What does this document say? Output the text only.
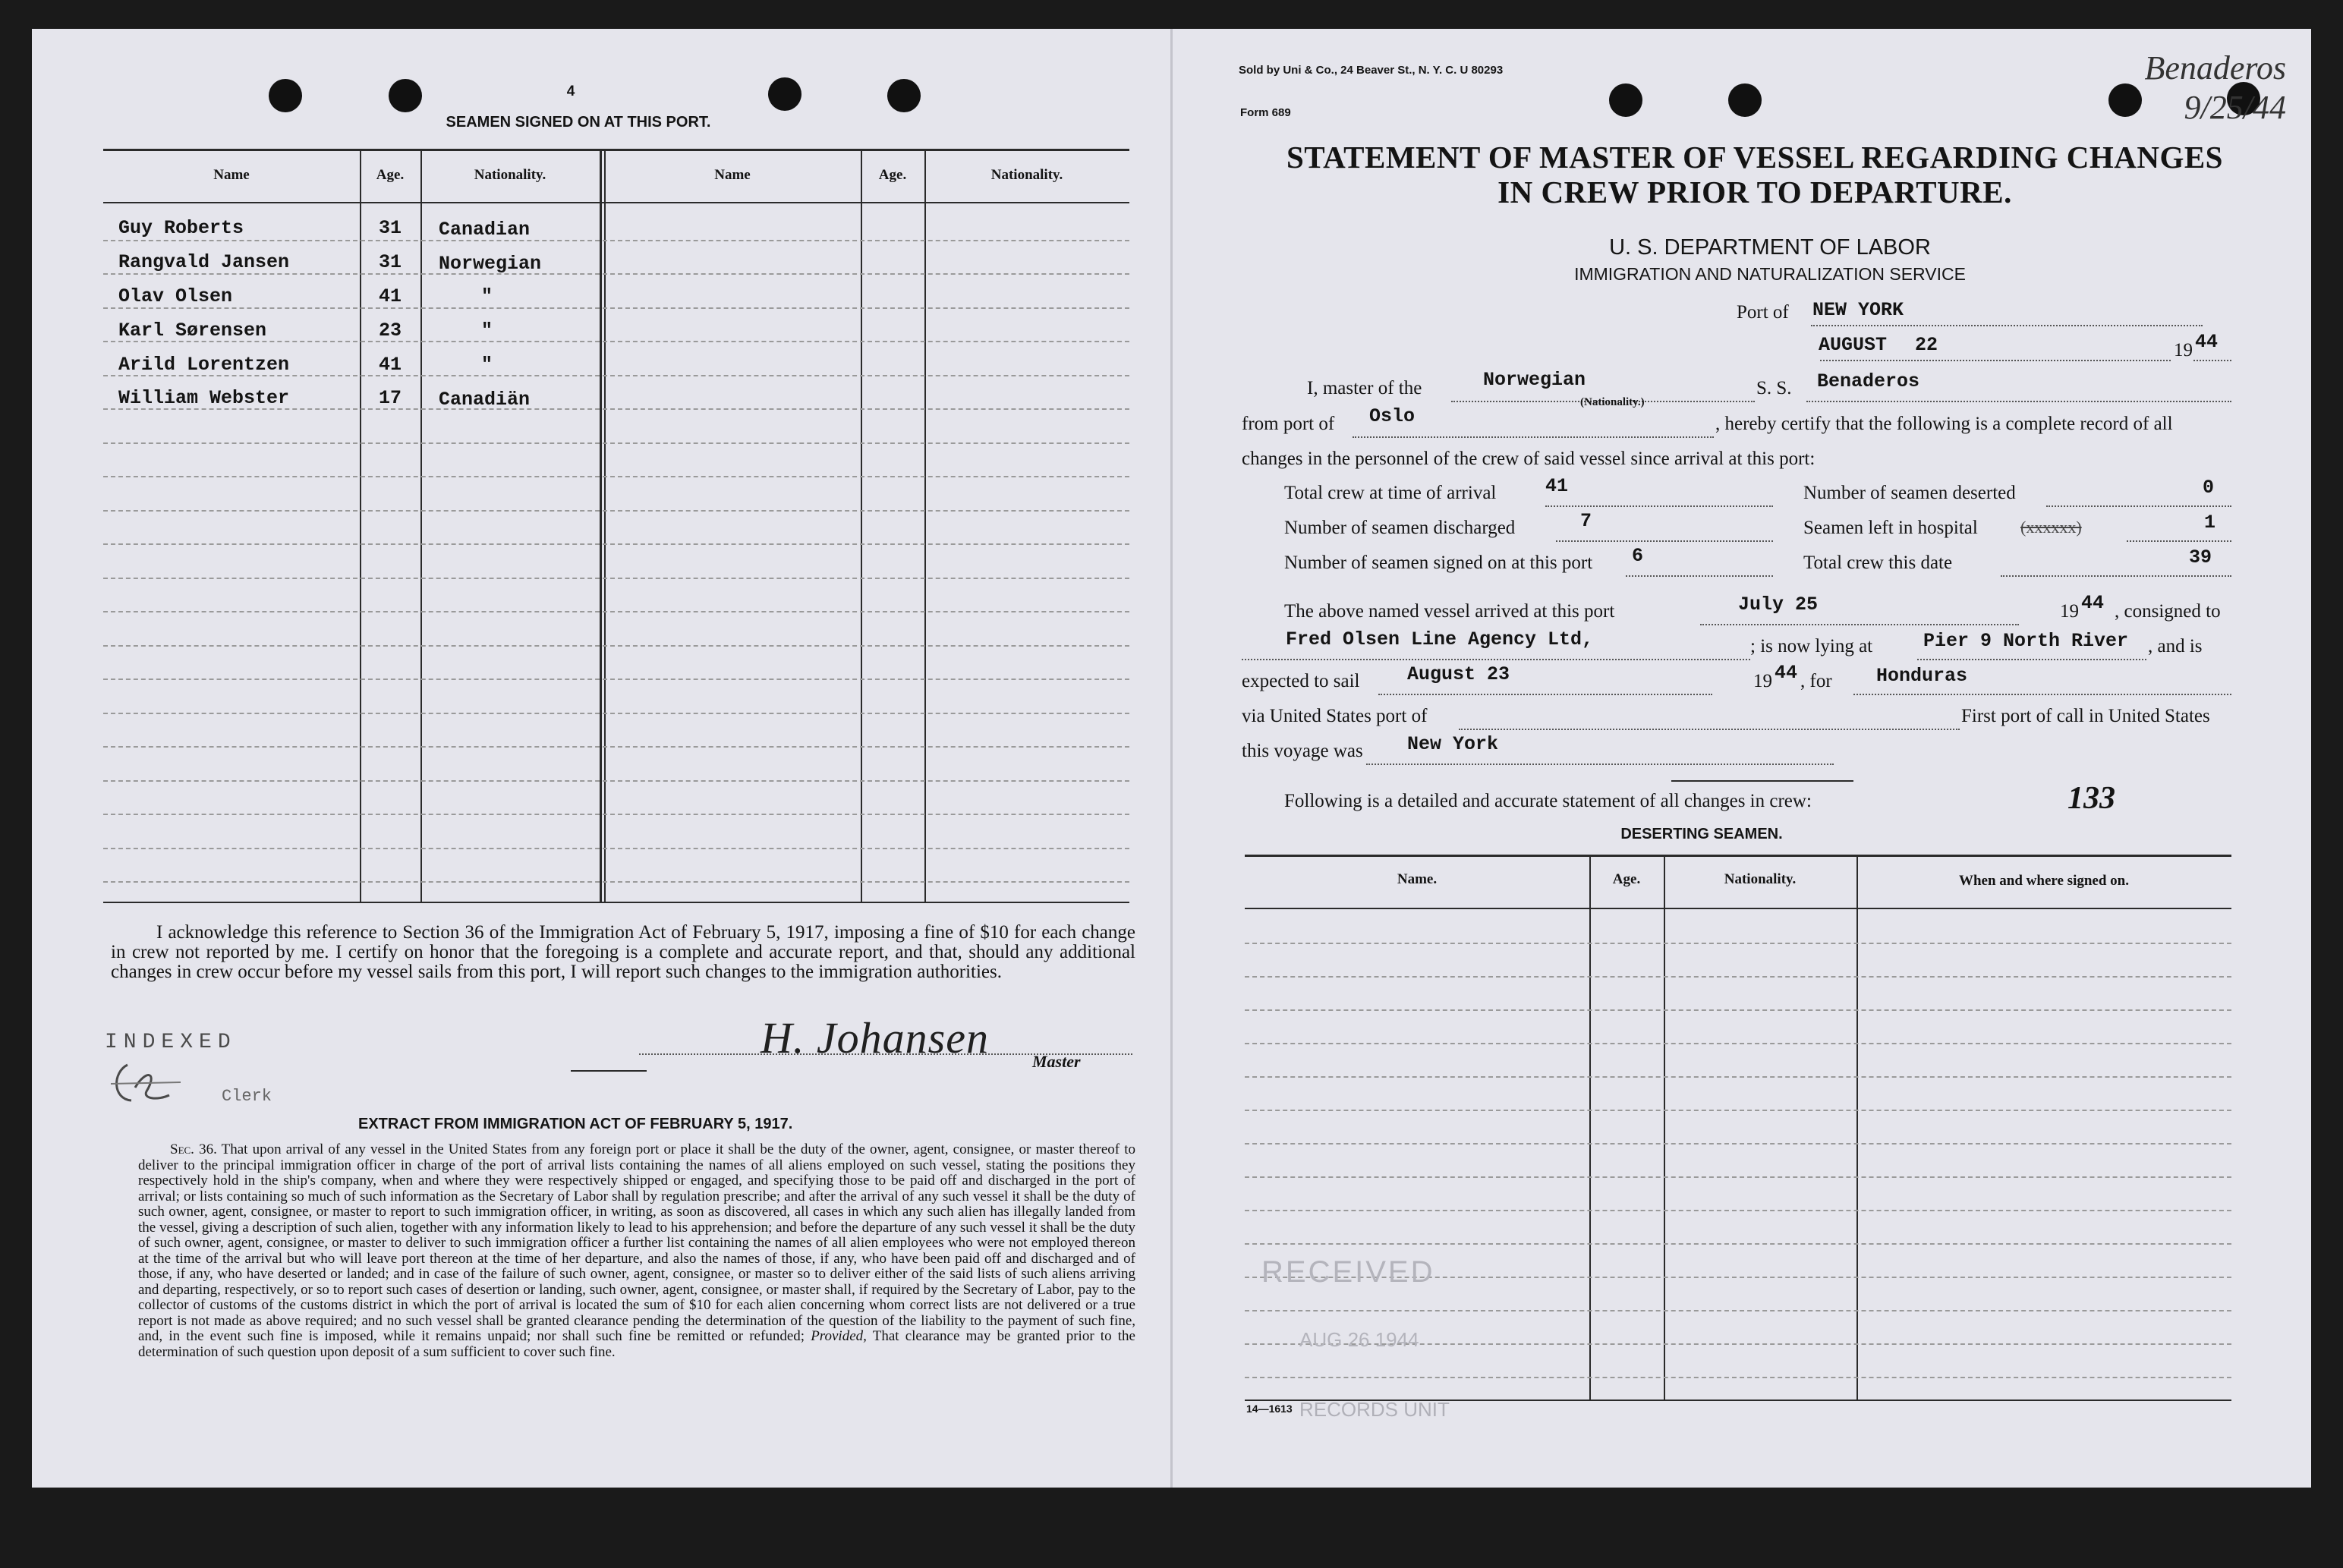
4
SEAMEN SIGNED ON AT THIS PORT.
Name	Age.	Nationality.	Name	Age.	Nationality.
Guy Roberts	31	Canadian
Rangvald Jansen	31	Norwegian
Olav Olsen	41	"
Karl Sørensen	23	"
Arild Lorentzen	41	"
William Webster	17	Canadiän
I acknowledge this reference to Section 36 of the Immigration Act of February 5, 1917, imposing a fine of $10 for each change in crew not reported by me. I certify on honor that the foregoing is a complete and accurate report, and that, should any additional changes in crew occur before my vessel sails from this port, I will report such changes to the immigration authorities.
INDEXED
Clerk
H. Johansen	Master
EXTRACT FROM IMMIGRATION ACT OF FEBRUARY 5, 1917.
Sec. 36. That upon arrival of any vessel in the United States from any foreign port or place it shall be the duty of the owner, agent, consignee, or master thereof to deliver to the principal immigration officer in charge of the port of arrival lists containing the names of all aliens employed on such vessel, stating the positions they respectively hold in the ship's company, when and where they were respectively shipped or engaged, and specifying those to be paid off and discharged in the port of arrival; or lists containing so much of such information as the Secretary of Labor shall by regulation prescribe; and after the arrival of any such vessel it shall be the duty of such owner, agent, consignee, or master to report to such immigration officer, in writing, as soon as discovered, all cases in which any such alien has illegally landed from the vessel, giving a description of such alien, together with any information likely to lead to his apprehension; and before the departure of any such vessel it shall be the duty of such owner, agent, consignee, or master to deliver to such immigration officer a further list containing the names of all alien employees who were not employed thereon at the time of the arrival but who will leave port thereon at the time of her departure, and also the names of those, if any, who have been paid off and discharged and of those, if any, who have deserted or landed; and in case of the failure of such owner, agent, consignee, or master so to deliver either of the said lists of such aliens arriving and departing, respectively, or so to report such cases of desertion or landing, such owner, agent, consignee, or master shall, if required by the Secretary of Labor, pay to the collector of customs of the customs district in which the port of arrival is located the sum of $10 for each alien concerning whom correct lists are not delivered or a true report is not made as above required; and no such vessel shall be granted clearance pending the determination of the question of the liability to the payment of such fine, and, in the event such fine is imposed, while it remains unpaid; nor shall such fine be remitted or refunded; Provided, That clearance may be granted prior to the determination of such question upon deposit of a sum sufficient to cover such fine.
Sold by Uni & Co., 24 Beaver St., N. Y. C. U 80293
Form 689
Benaderos 9/25/44
STATEMENT OF MASTER OF VESSEL REGARDING CHANGES
IN CREW PRIOR TO DEPARTURE.
U. S. DEPARTMENT OF LABOR
IMMIGRATION AND NATURALIZATION SERVICE
Port of NEW YORK
AUGUST 22	19 44
I, master of the	Norwegian
(Nationality.)
S. S. Benaderos
from port of Oslo	, hereby certify that the following is a complete record of all
changes in the personnel of the crew of said vessel since arrival at this port:
Total crew at time of arrival	41	Number of seamen deserted	0
Number of seamen discharged	7	Seamen left in hospital	(xxxxxx)	1
Number of seamen signed on at this port 6	Total crew this date	39
The above named vessel arrived at this port	July 25	19 44 , consigned to
Fred Olsen Line Agency Ltd,	; is now lying at	Pier 9 North River , and is
expected to sail	August 23	19 44 , for Honduras
via United States port of	First port of call in United States
this voyage was New York
Following is a detailed and accurate statement of all changes in crew:	133
DESERTING SEAMEN.
Name.	Age.	Nationality.	When and where signed on.
RECEIVED
AUG 26 1944
14—1613 RECORDS UNIT
